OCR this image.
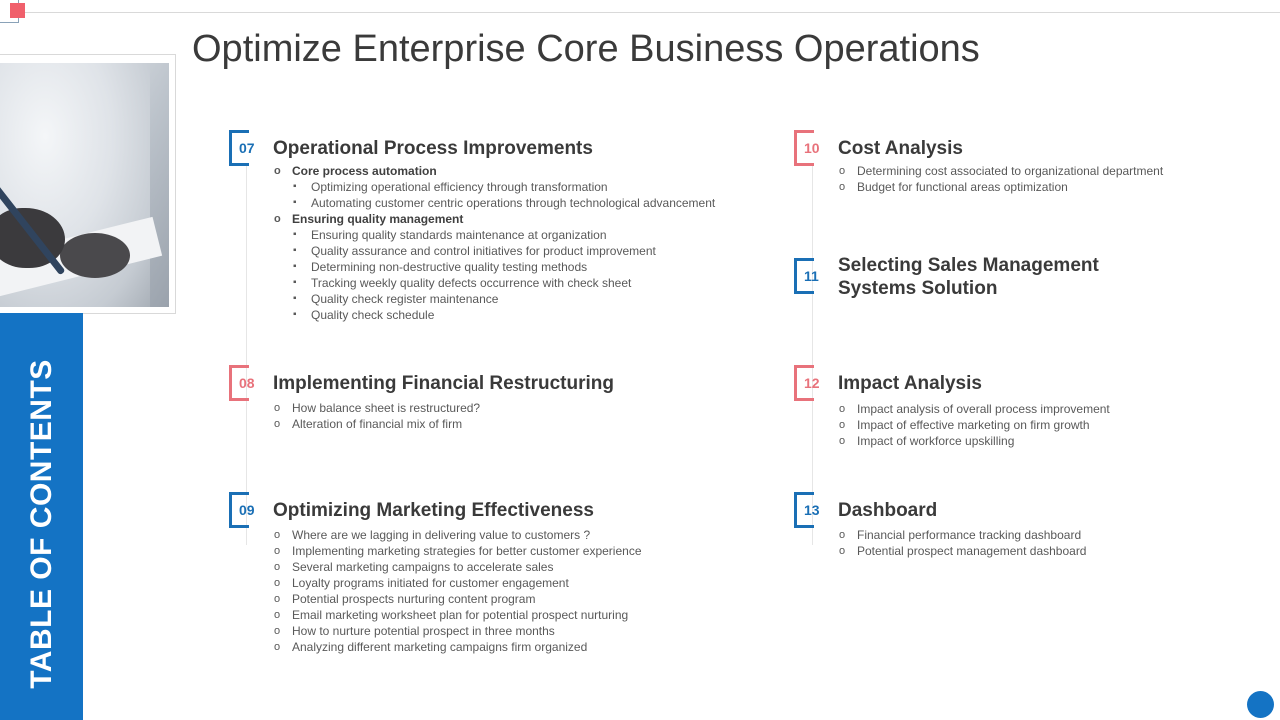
TABLE OF CONTENTS
Optimize Enterprise Core Business Operations
07 Operational Process Improvements
o Core process automation
▪ Optimizing operational efficiency through transformation
▪ Automating customer centric operations through technological advancement
o Ensuring quality management
▪ Ensuring quality standards maintenance at organization
▪ Quality assurance and control initiatives for product improvement
▪ Determining non-destructive quality testing methods
▪ Tracking weekly quality defects occurrence with check sheet
▪ Quality check register maintenance
▪ Quality check schedule
08 Implementing Financial Restructuring
o How balance sheet is restructured?
o Alteration of financial mix of firm
09 Optimizing Marketing Effectiveness
o Where are we lagging in delivering value to customers ?
o Implementing marketing strategies for better customer experience
o Several marketing campaigns to accelerate sales
o Loyalty programs initiated for customer engagement
o Potential prospects nurturing content program
o Email marketing worksheet plan for potential prospect nurturing
o How to nurture potential prospect in three months
o Analyzing different marketing campaigns firm organized
10 Cost Analysis
o Determining cost associated to organizational department
o Budget for functional areas optimization
11 Selecting Sales Management
Systems Solution
12 Impact Analysis
o Impact analysis of overall process improvement
o Impact of effective marketing on firm growth
o Impact of workforce upskilling
13 Dashboard
o Financial performance tracking dashboard
o Potential prospect management dashboard
